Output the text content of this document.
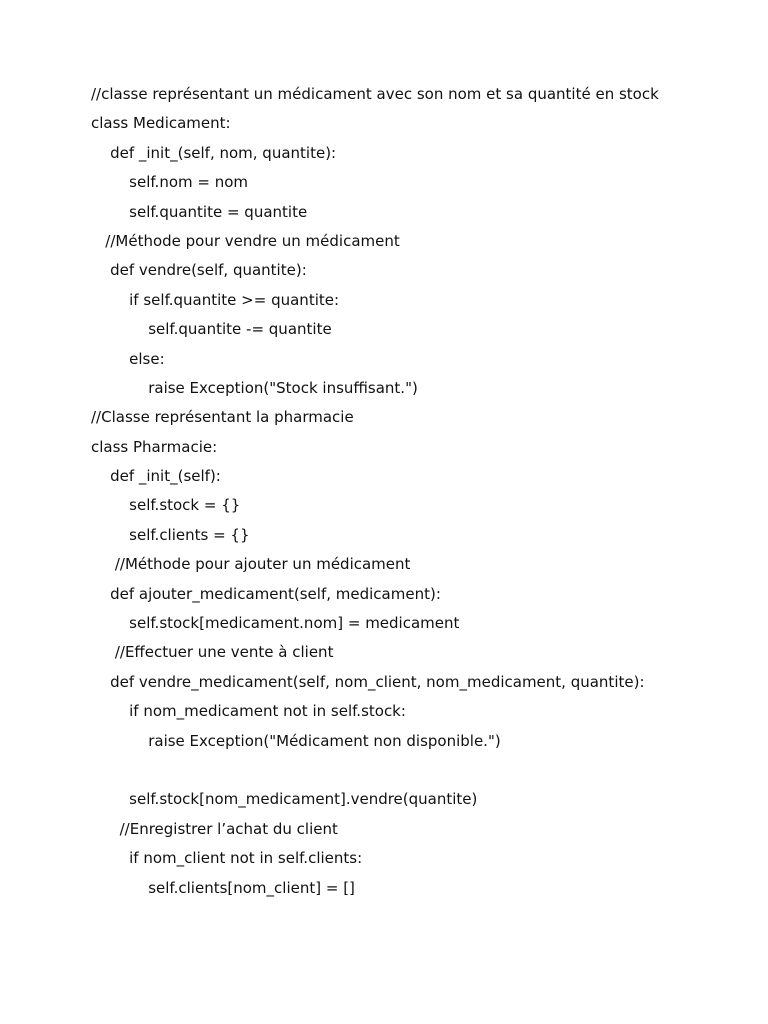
//classe représentant un médicament avec son nom et sa quantité en stock
class Medicament:
def _init_(self, nom, quantite):
self.nom = nom
self.quantite = quantite
//Méthode pour vendre un médicament
def vendre(self, quantite):
if self.quantite >= quantite:
self.quantite -= quantite
else:
raise Exception("Stock insuffisant.")
//Classe représentant la pharmacie
class Pharmacie:
def _init_(self):
self.stock = {}
self.clients = {}
//Méthode pour ajouter un médicament
def ajouter_medicament(self, medicament):
self.stock[medicament.nom] = medicament
//Effectuer une vente à client
def vendre_medicament(self, nom_client, nom_medicament, quantite):
if nom_medicament not in self.stock:
raise Exception("Médicament non disponible.")
self.stock[nom_medicament].vendre(quantite)
//Enregistrer l’achat du client
if nom_client not in self.clients:
self.clients[nom_client] = []
